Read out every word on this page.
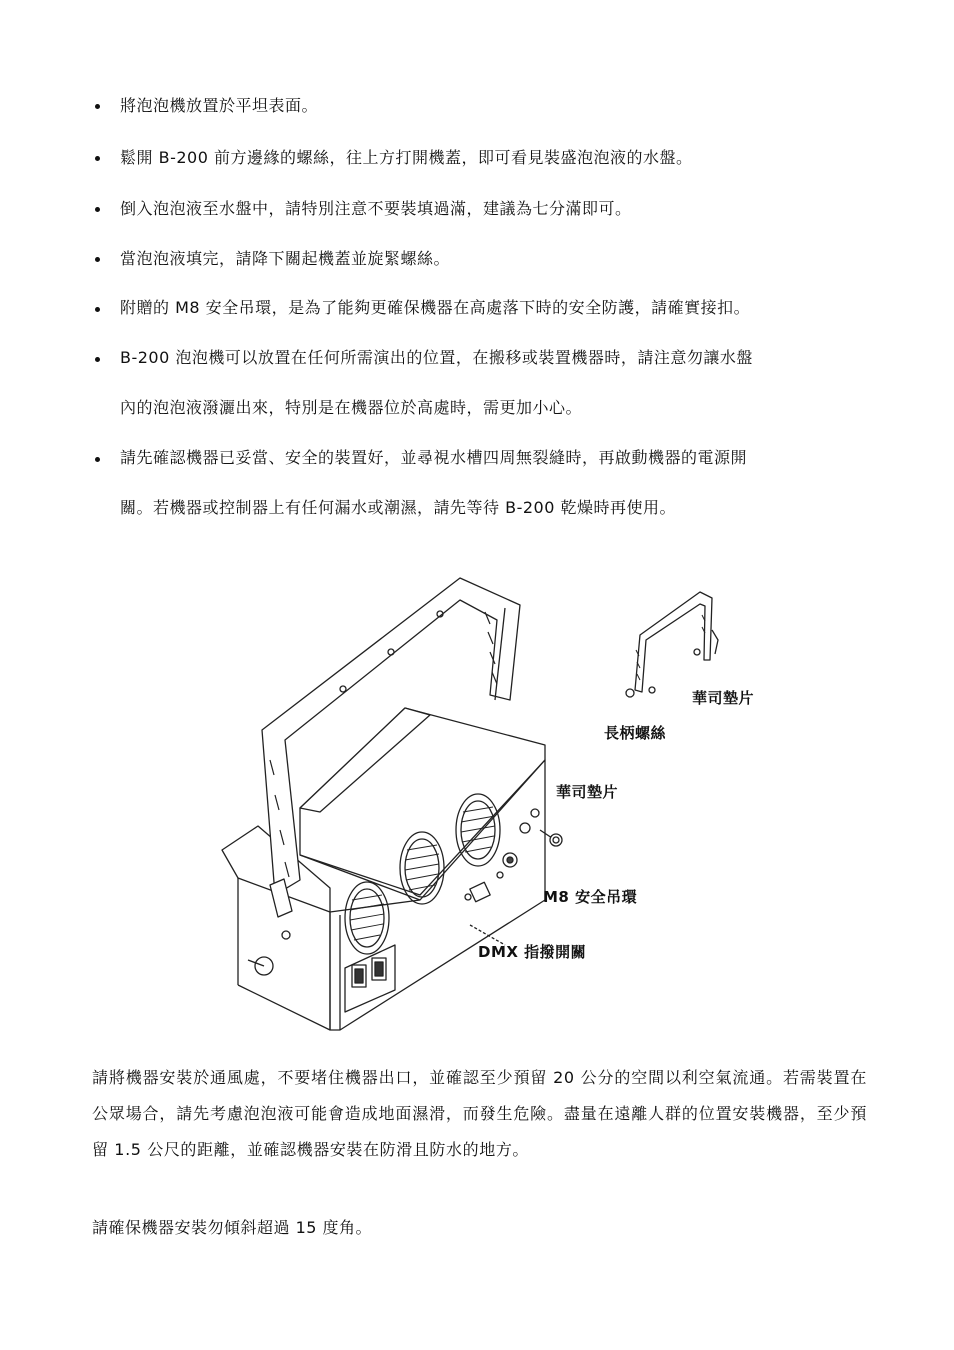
將泡泡機放置於平坦表面。
鬆開 B-200 前方邊緣的螺絲，往上方打開機蓋，即可看見裝盛泡泡液的水盤。
倒入泡泡液至水盤中，請特別注意不要裝填過滿，建議為七分滿即可。
當泡泡液填完，請降下關起機蓋並旋緊螺絲。
附贈的 M8 安全吊環，是為了能夠更確保機器在高處落下時的安全防護，請確實接扣。
B-200 泡泡機可以放置在任何所需演出的位置，在搬移或裝置機器時，請注意勿讓水盤
內的泡泡液潑灑出來，特別是在機器位於高處時，需更加小心。
請先確認機器已妥當、安全的裝置好，並尋視水槽四周無裂縫時，再啟動機器的電源開
關。若機器或控制器上有任何漏水或潮濕，請先等待 B-200 乾燥時再使用。
華司墊片
長柄螺絲
華司墊片
M8 安全吊環
DMX 指撥開關
請將機器安裝於通風處，不要堵住機器出口，並確認至少預留 20 公分的空間以利空氣流通。若需裝置在公眾場合，請先考慮泡泡液可能會造成地面濕滑，而發生危險。盡量在遠離人群的位置安裝機器，至少預留 1.5 公尺的距離，並確認機器安裝在防滑且防水的地方。
請確保機器安裝勿傾斜超過 15 度角。
